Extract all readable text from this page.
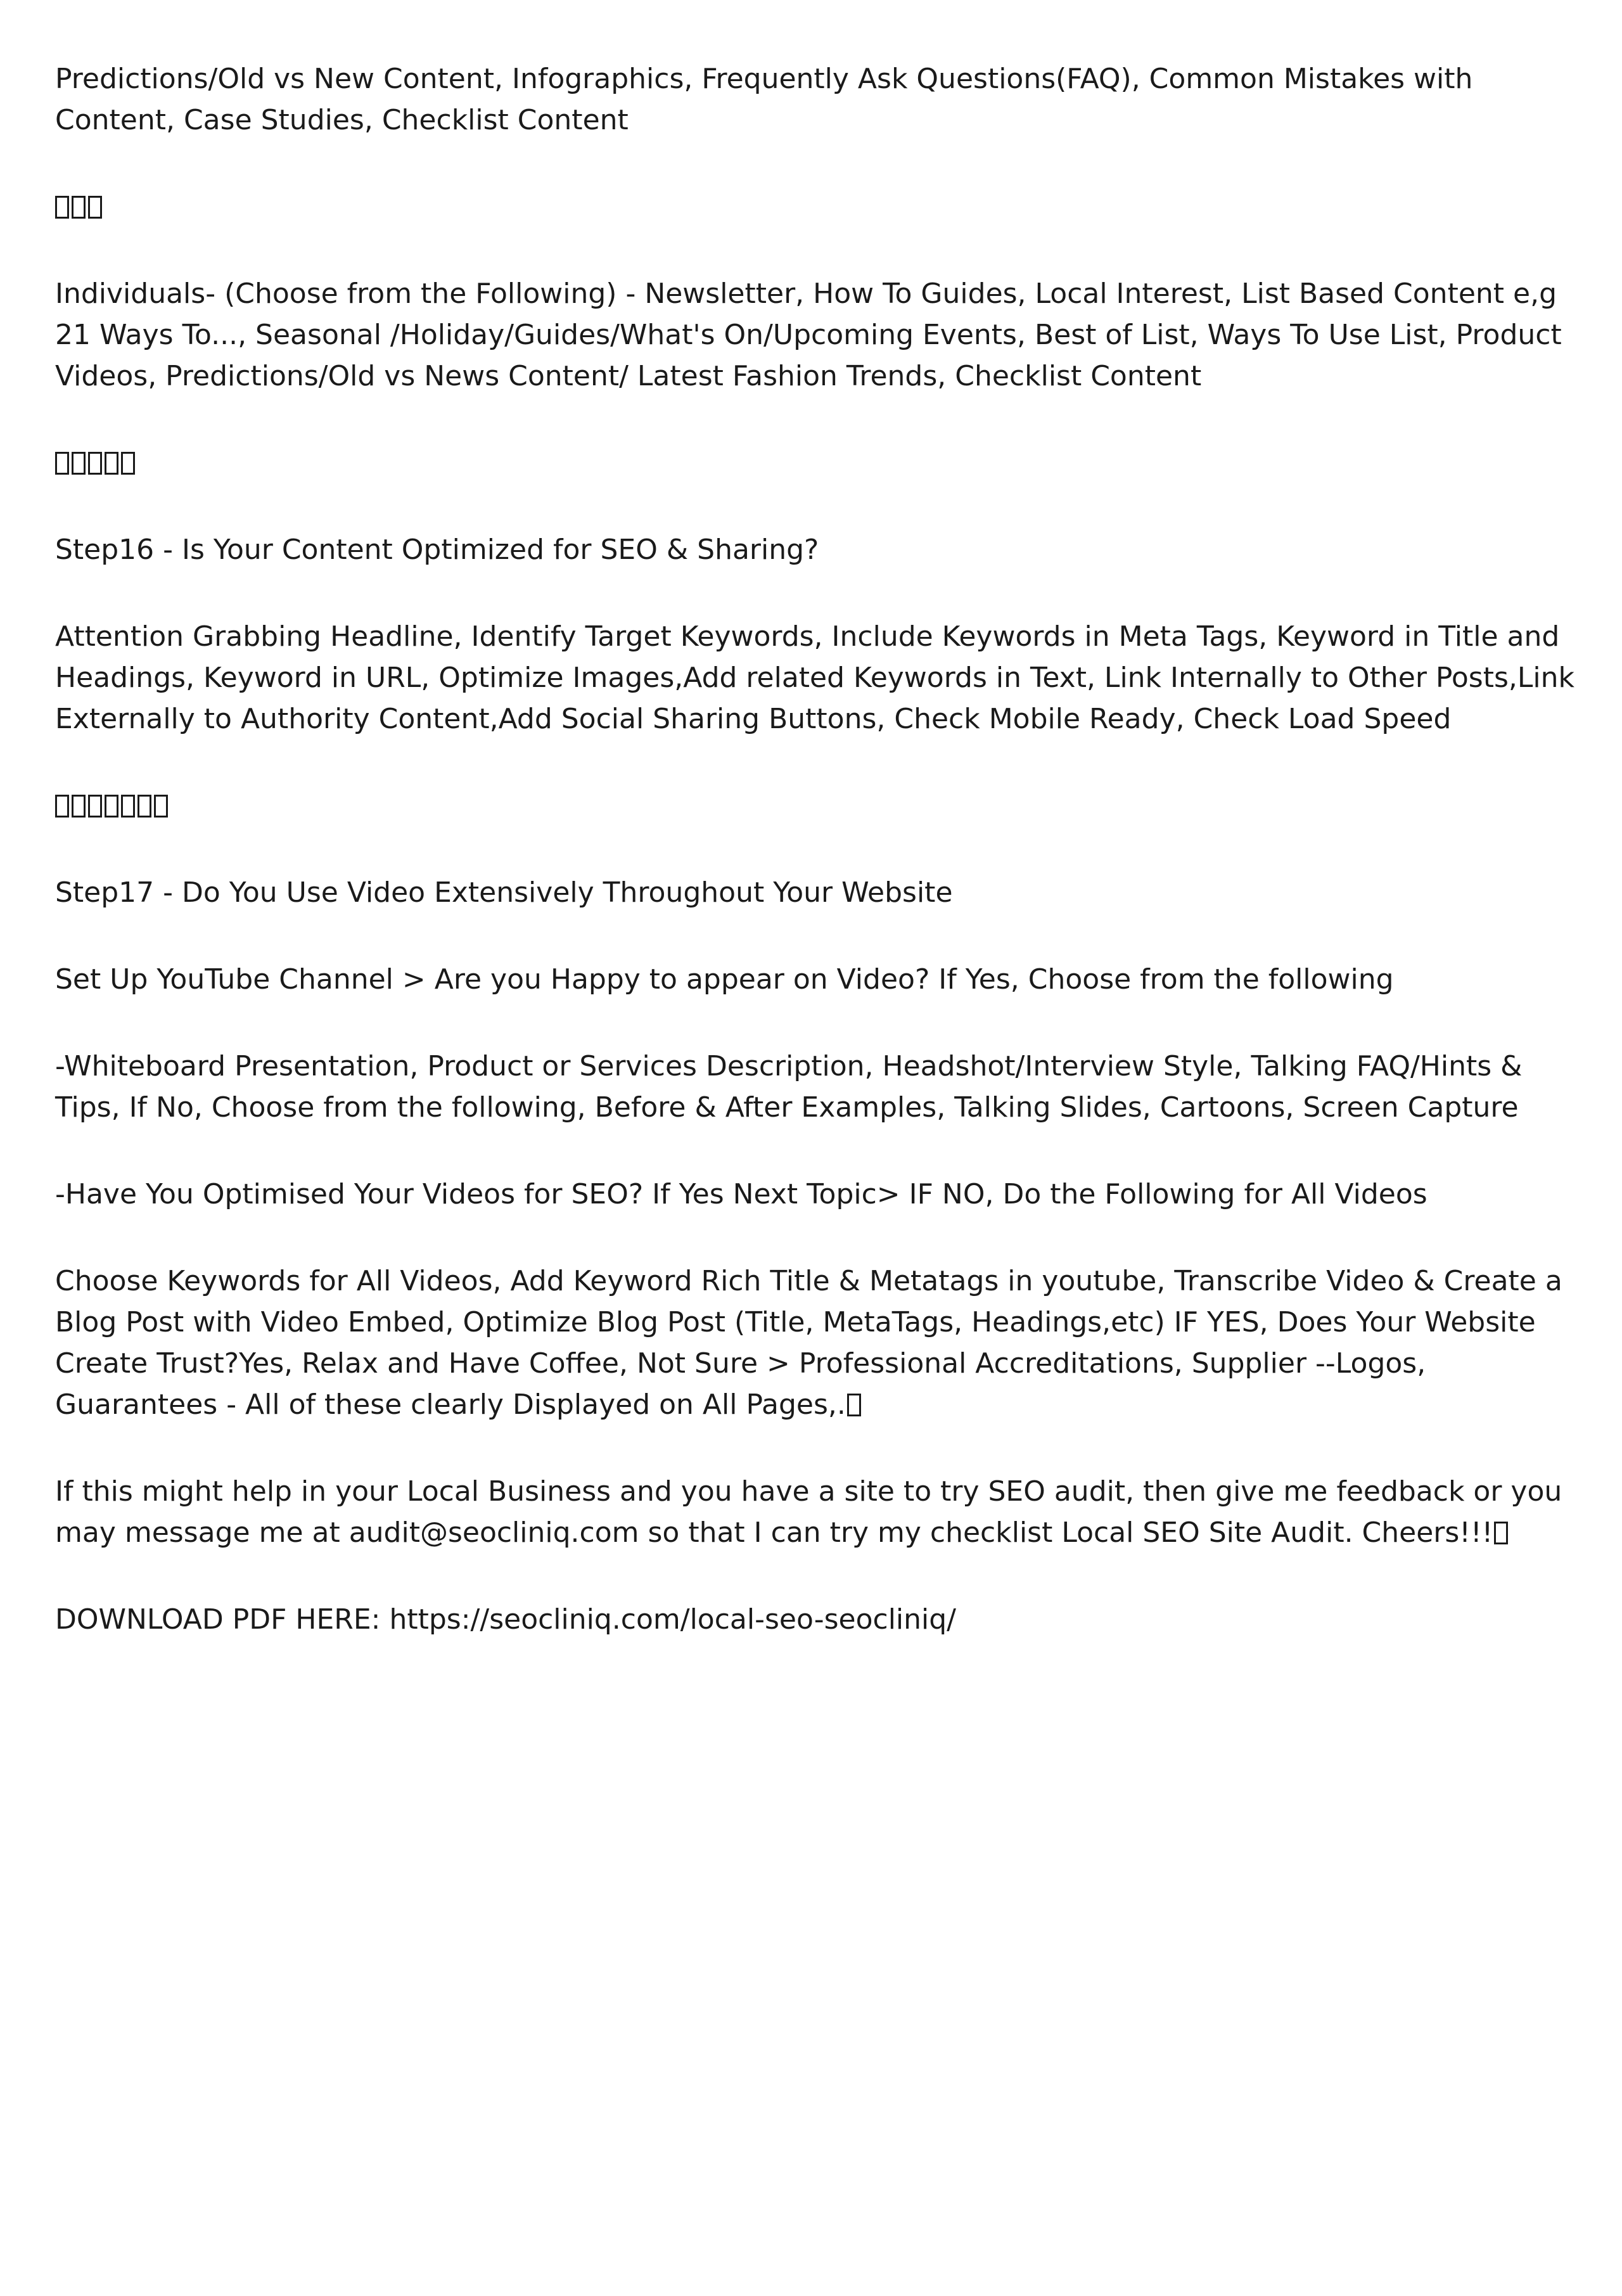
Predictions/Old vs New Content, Infographics, Frequently Ask Questions(FAQ), Common Mistakes with Content, Case Studies, Checklist Content

Individuals- (Choose from the Following) - Newsletter, How To Guides, Local Interest, List Based Content e,g 21 Ways To..., Seasonal /Holiday/Guides/What's On/Upcoming Events, Best of List, Ways To Use List, Product Videos, Predictions/Old vs News Content/ Latest Fashion Trends, Checklist Content

Step16 - Is Your Content Optimized for SEO & Sharing?

Attention Grabbing Headline, Identify Target Keywords, Include Keywords in Meta Tags, Keyword in Title and Headings, Keyword in URL, Optimize Images,Add related Keywords in Text, Link Internally to Other Posts,Link Externally to Authority Content,Add Social Sharing Buttons, Check Mobile Ready, Check Load Speed

Step17 - Do You Use Video Extensively Throughout Your Website

Set Up YouTube Channel > Are you Happy to appear on Video? If Yes, Choose from the following

-Whiteboard Presentation, Product or Services Description, Headshot/Interview Style, Talking FAQ/Hints & Tips, If No, Choose from the following, Before & After Examples, Talking Slides, Cartoons, Screen Capture

-Have You Optimised Your Videos for SEO? If Yes Next Topic> IF NO, Do the Following for All Videos

Choose Keywords for All Videos, Add Keyword Rich Title & Metatags in youtube, Transcribe Video & Create a Blog Post with Video Embed, Optimize Blog Post (Title, MetaTags, Headings,etc) IF YES, Does Your Website Create Trust?Yes, Relax and Have Coffee, Not Sure > Professional Accreditations, Supplier --Logos, Guarantees - All of these clearly Displayed on All Pages,.

If this might help in your Local Business and you have a site to try SEO audit, then give me feedback or you may message me at audit@seocliniq.com so that I can try my checklist Local SEO Site Audit. Cheers!!!

DOWNLOAD PDF HERE: https://seocliniq.com/local-seo-seocliniq/
